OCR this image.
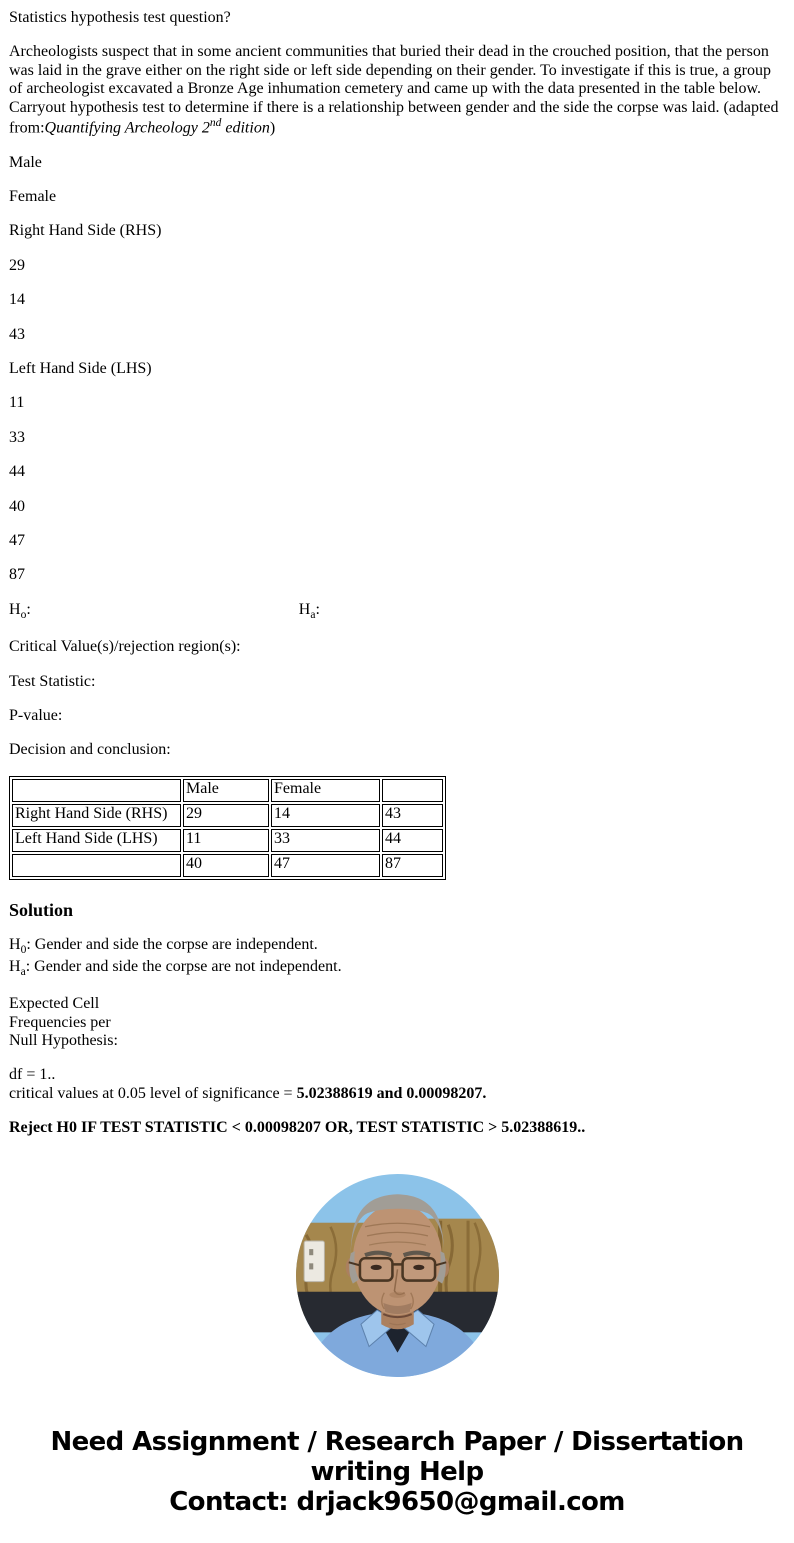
Statistics hypothesis test question?

Archeologists suspect that in some ancient communities that buried their dead in the crouched position, that the person was laid in the grave either on the right side or left side depending on their gender. To investigate if this is true, a group of archeologist excavated a Bronze Age inhumation cemetery and came up with the data presented in the table below. Carryout hypothesis test to determine if there is a relationship between gender and the side the corpse was laid. (adapted from:Quantifying Archeology 2nd edition)

Male

Female

Right Hand Side (RHS)

29

14

43

Left Hand Side (LHS)

11

33

44

40

47

87

$H_o$:	$H_a$:

Critical Value(s)/rejection region(s):

Test Statistic:

P-value:

Decision and conclusion:

	Male	Female	
Right Hand Side (RHS)	29	14	43
Left Hand Side (LHS)	11	33	44
	40	47	87
Solution

$H_0$: Gender and side the corpse are independent.
$H_a$: Gender and side the corpse are not independent.

Expected Cell
Frequencies per
Null Hypothesis:

df = 1..
critical values at 0.05 level of significance = 5.02388619 and 0.00098207.

Reject H0 IF TEST STATISTIC < 0.00098207 OR, TEST STATISTIC > 5.02388619..

Need Assignment / Research Paper / Dissertation
writing Help
Contact: drjack9650@gmail.com
